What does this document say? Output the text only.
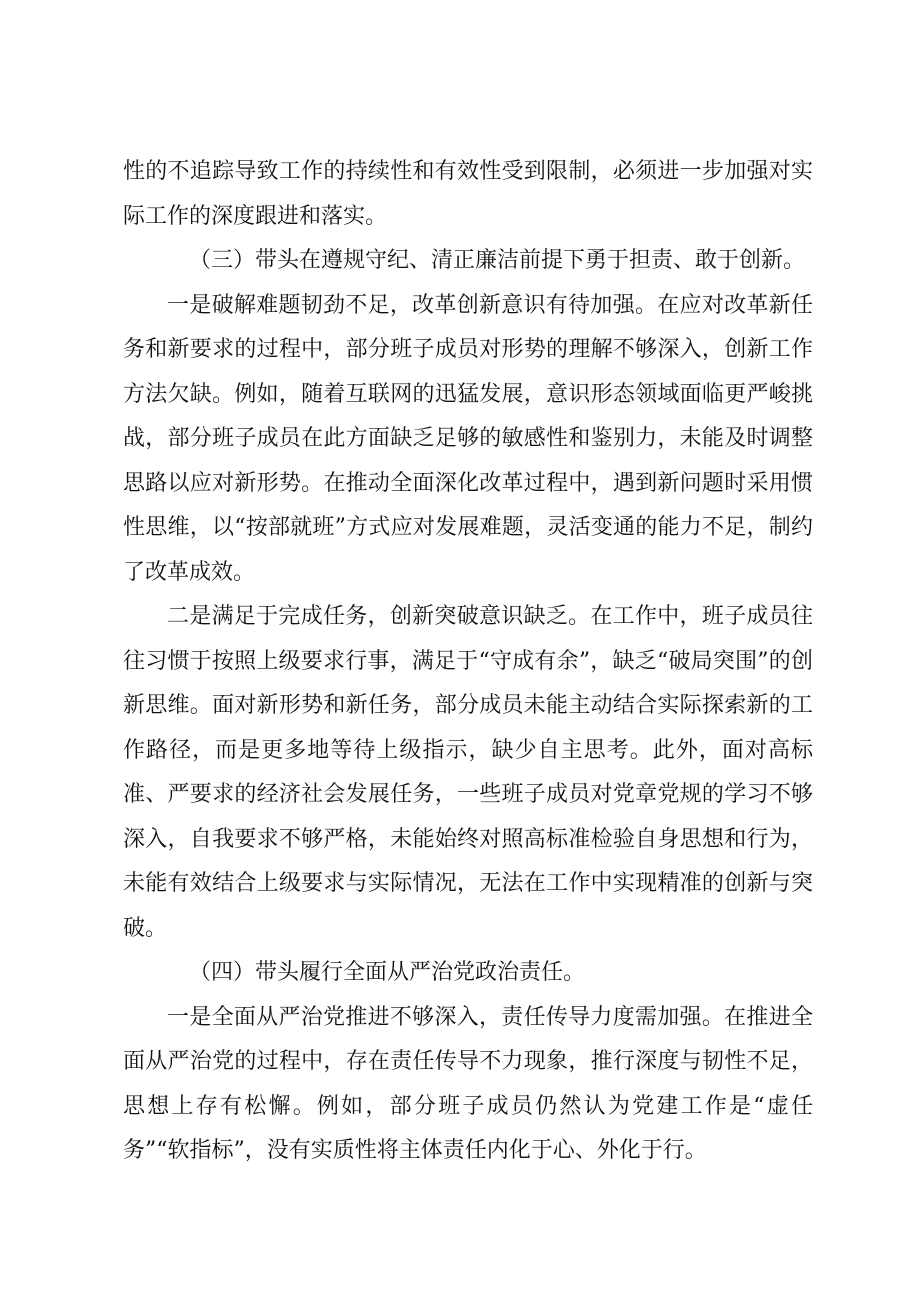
性的不追踪导致工作的持续性和有效性受到限制，必须进一步加强对实际工作的深度跟进和落实。

（三）带头在遵规守纪、清正廉洁前提下勇于担责、敢于创新。

一是破解难题韧劲不足，改革创新意识有待加强。在应对改革新任务和新要求的过程中，部分班子成员对形势的理解不够深入，创新工作方法欠缺。例如，随着互联网的迅猛发展，意识形态领域面临更严峻挑战，部分班子成员在此方面缺乏足够的敏感性和鉴别力，未能及时调整思路以应对新形势。在推动全面深化改革过程中，遇到新问题时采用惯性思维，以“按部就班”方式应对发展难题，灵活变通的能力不足，制约了改革成效。

二是满足于完成任务，创新突破意识缺乏。在工作中，班子成员往往习惯于按照上级要求行事，满足于“守成有余”，缺乏“破局突围”的创新思维。面对新形势和新任务，部分成员未能主动结合实际探索新的工作路径，而是更多地等待上级指示，缺少自主思考。此外，面对高标准、严要求的经济社会发展任务，一些班子成员对党章党规的学习不够深入，自我要求不够严格，未能始终对照高标准检验自身思想和行为，未能有效结合上级要求与实际情况，无法在工作中实现精准的创新与突破。

（四）带头履行全面从严治党政治责任。

一是全面从严治党推进不够深入，责任传导力度需加强。在推进全面从严治党的过程中，存在责任传导不力现象，推行深度与韧性不足，思想上存有松懈。例如，部分班子成员仍然认为党建工作是“虚任务”“软指标”，没有实质性将主体责任内化于心、外化于行。
